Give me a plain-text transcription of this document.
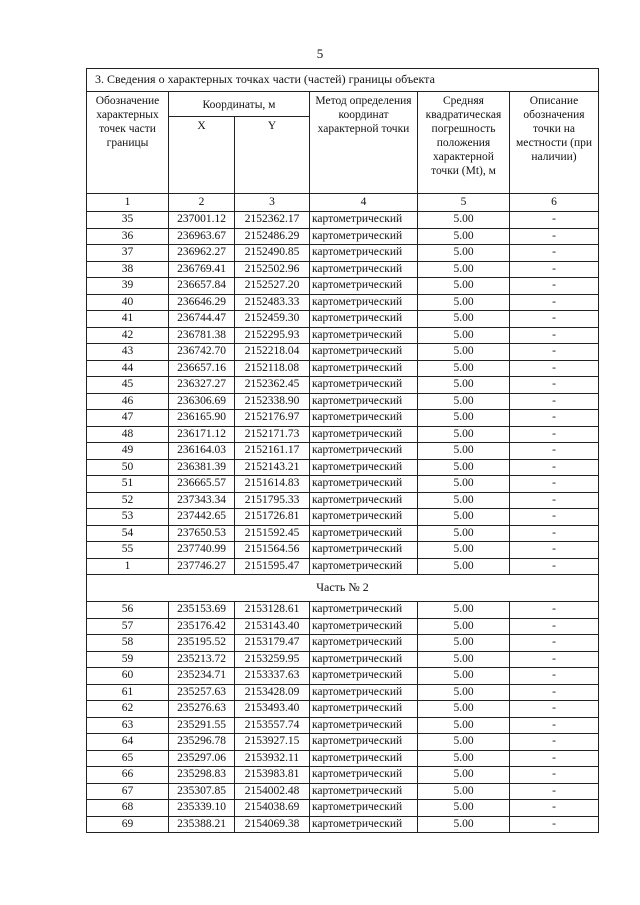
5
3. Сведения о характерных точках части (частей) границы объекта					
Обозначение характерных точек части границы	Координаты, м		Метод определения координат характерной точки	Средняя квадратическая погрешность положения характерной точки (Mt), м	Описание обозначения точки на местности (при наличии)
	X	Y			
1	2	3	4	5	6
35	237001.12	2152362.17	картометрический	5.00	-
36	236963.67	2152486.29	картометрический	5.00	-
37	236962.27	2152490.85	картометрический	5.00	-
38	236769.41	2152502.96	картометрический	5.00	-
39	236657.84	2152527.20	картометрический	5.00	-
40	236646.29	2152483.33	картометрический	5.00	-
41	236744.47	2152459.30	картометрический	5.00	-
42	236781.38	2152295.93	картометрический	5.00	-
43	236742.70	2152218.04	картометрический	5.00	-
44	236657.16	2152118.08	картометрический	5.00	-
45	236327.27	2152362.45	картометрический	5.00	-
46	236306.69	2152338.90	картометрический	5.00	-
47	236165.90	2152176.97	картометрический	5.00	-
48	236171.12	2152171.73	картометрический	5.00	-
49	236164.03	2152161.17	картометрический	5.00	-
50	236381.39	2152143.21	картометрический	5.00	-
51	236665.57	2151614.83	картометрический	5.00	-
52	237343.34	2151795.33	картометрический	5.00	-
53	237442.65	2151726.81	картометрический	5.00	-
54	237650.53	2151592.45	картометрический	5.00	-
55	237740.99	2151564.56	картометрический	5.00	-
1	237746.27	2151595.47	картометрический	5.00	-
Часть № 2					
56	235153.69	2153128.61	картометрический	5.00	-
57	235176.42	2153143.40	картометрический	5.00	-
58	235195.52	2153179.47	картометрический	5.00	-
59	235213.72	2153259.95	картометрический	5.00	-
60	235234.71	2153337.63	картометрический	5.00	-
61	235257.63	2153428.09	картометрический	5.00	-
62	235276.63	2153493.40	картометрический	5.00	-
63	235291.55	2153557.74	картометрический	5.00	-
64	235296.78	2153927.15	картометрический	5.00	-
65	235297.06	2153932.11	картометрический	5.00	-
66	235298.83	2153983.81	картометрический	5.00	-
67	235307.85	2154002.48	картометрический	5.00	-
68	235339.10	2154038.69	картометрический	5.00	-
69	235388.21	2154069.38	картометрический	5.00	-
